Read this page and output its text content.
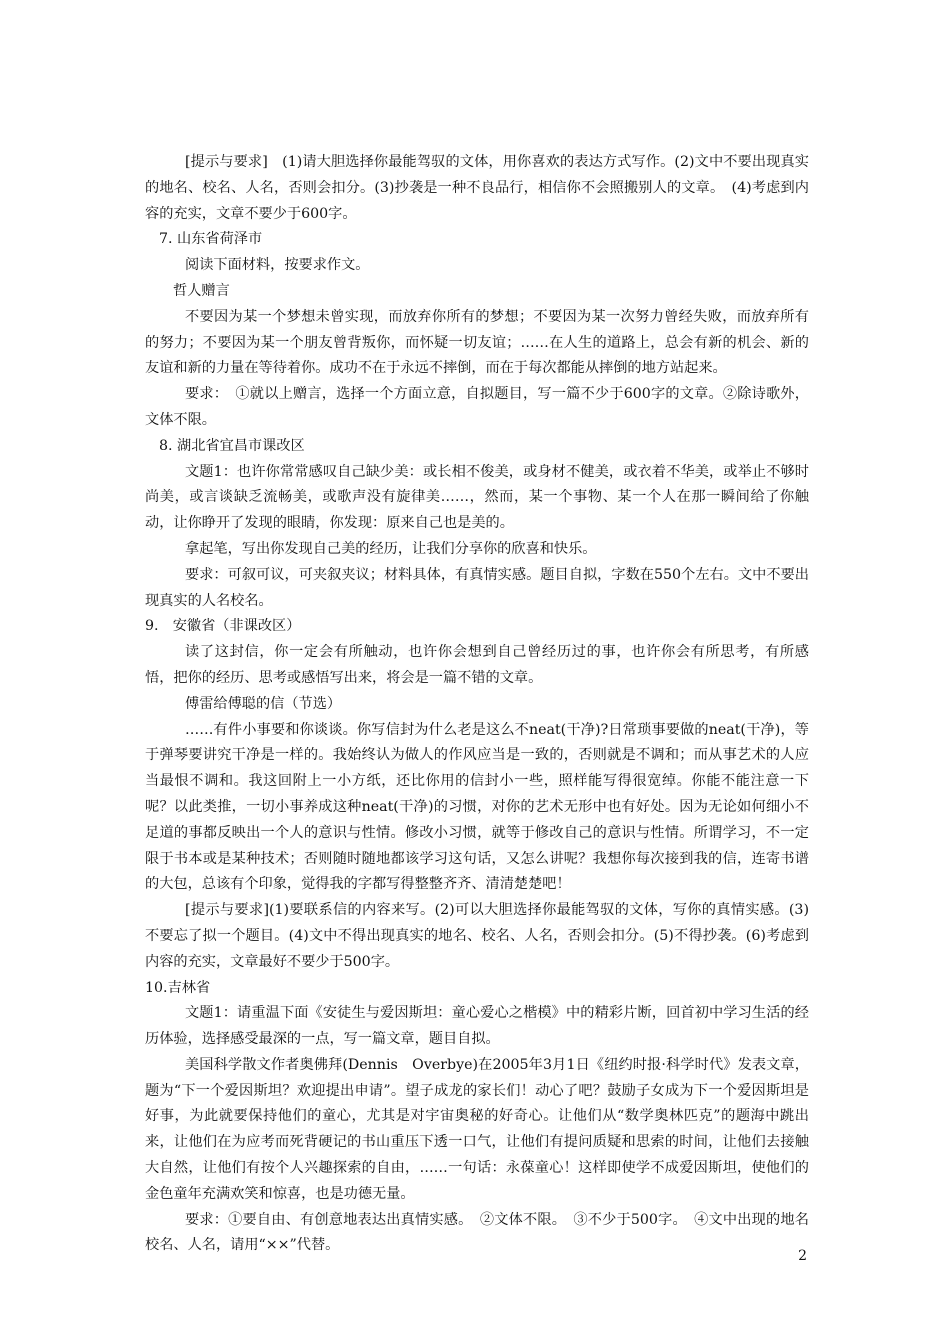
[提示与要求]　(1)请大胆选择你最能驾驭的文体，用你喜欢的表达方式写作。(2)文中不要出现真实的地名、校名、人名，否则会扣分。(3)抄袭是一种不良品行，相信你不会照搬别人的文章。　(4)考虑到内容的充实，文章不要少于600字。

7. 山东省荷泽市

阅读下面材料，按要求作文。

哲人赠言

不要因为某一个梦想未曾实现，而放弃你所有的梦想；不要因为某一次努力曾经失败，而放弃所有的努力；不要因为某一个朋友曾背叛你，而怀疑一切友谊；……在人生的道路上，总会有新的机会、新的友谊和新的力量在等待着你。成功不在于永远不摔倒，而在于每次都能从摔倒的地方站起来。

要求：　①就以上赠言，选择一个方面立意，自拟题目，写一篇不少于600字的文章。②除诗歌外，文体不限。

8. 湖北省宜昌市课改区

文题1：也许你常常感叹自己缺少美：或长相不俊美，或身材不健美，或衣着不华美，或举止不够时尚美，或言谈缺乏流畅美，或歌声没有旋律美……，然而，某一个事物、某一个人在那一瞬间给了你触动，让你睁开了发现的眼睛，你发现：原来自己也是美的。

拿起笔，写出你发现自己美的经历，让我们分享你的欣喜和快乐。

要求：可叙可议，可夹叙夹议；材料具体，有真情实感。题目自拟，字数在550个左右。文中不要出现真实的人名校名。

9.　安徽省（非课改区）

读了这封信，你一定会有所触动，也许你会想到自己曾经历过的事，也许你会有所思考，有所感悟，把你的经历、思考或感悟写出来，将会是一篇不错的文章。

傅雷给傅聪的信（节选）

……有件小事要和你谈谈。你写信封为什么老是这么不neat(干净)?日常琐事要做的neat(干净)，等于弹琴要讲究干净是一样的。我始终认为做人的作风应当是一致的，否则就是不调和；而从事艺术的人应当最恨不调和。我这回附上一小方纸，还比你用的信封小一些，照样能写得很宽绰。你能不能注意一下呢？以此类推，一切小事养成这种neat(干净)的习惯，对你的艺术无形中也有好处。因为无论如何细小不足道的事都反映出一个人的意识与性情。修改小习惯，就等于修改自己的意识与性情。所谓学习，不一定限于书本或是某种技术；否则随时随地都该学习这句话，又怎么讲呢？我想你每次接到我的信，连寄书谱的大包，总该有个印象，觉得我的字都写得整整齐齐、清清楚楚吧！

[提示与要求](1)要联系信的内容来写。(2)可以大胆选择你最能驾驭的文体，写你的真情实感。(3)不要忘了拟一个题目。(4)文中不得出现真实的地名、校名、人名，否则会扣分。(5)不得抄袭。(6)考虑到内容的充实，文章最好不要少于500字。

10.吉林省

文题1：请重温下面《安徒生与爱因斯坦：童心爱心之楷模》中的精彩片断，回首初中学习生活的经历体验，选择感受最深的一点，写一篇文章，题目自拟。

美国科学散文作者奥佛拜(Dennis　Overbye)在2005年3月1日《纽约时报·科学时代》发表文章，题为“下一个爱因斯坦？欢迎提出申请”。望子成龙的家长们！动心了吧？鼓励子女成为下一个爱因斯坦是好事，为此就要保持他们的童心，尤其是对宇宙奥秘的好奇心。让他们从“数学奥林匹克”的题海中跳出来，让他们在为应考而死背硬记的书山重压下透一口气，让他们有提问质疑和思索的时间，让他们去接触大自然，让他们有按个人兴趣探索的自由，……一句话：永葆童心！这样即使学不成爱因斯坦，使他们的金色童年充满欢笑和惊喜，也是功德无量。

要求：①要自由、有创意地表达出真情实感。　②文体不限。　③不少于500字。　④文中出现的地名校名、人名，请用“××”代替。

2
